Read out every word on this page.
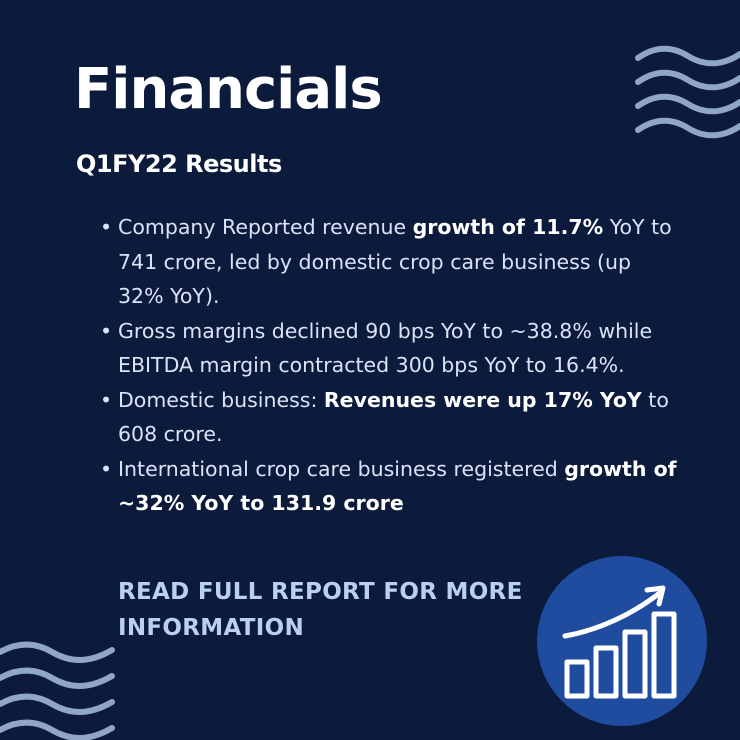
Financials
Q1FY22 Results
• Company Reported revenue growth of 11.7% YoY to 741 crore, led by domestic crop care business (up 32% YoY).
• Gross margins declined 90 bps YoY to ~38.8% while EBITDA margin contracted 300 bps YoY to 16.4%.
• Domestic business: Revenues were up 17% YoY to 608 crore.
• International crop care business registered growth of ~32% YoY to 131.9 crore
READ FULL REPORT FOR MORE INFORMATION
